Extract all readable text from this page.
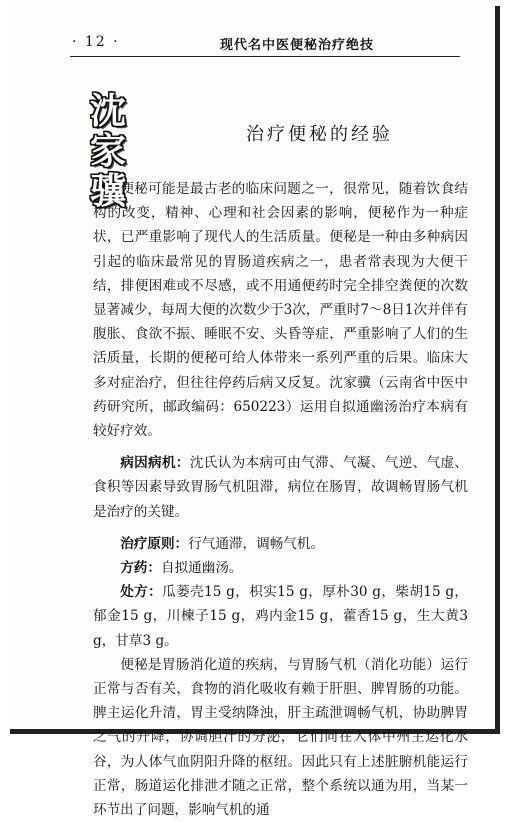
· 12 ·	现代名中医便秘治疗绝技
沈
家
骥
治疗便秘的经验

便秘可能是最古老的临床问题之一，很常见，随着饮食结构的改变，精神、心理和社会因素的影响，便秘作为一种症状，已严重影响了现代人的生活质量。便秘是一种由多种病因引起的临床最常见的胃肠道疾病之一，患者常表现为大便干结，排便困难或不尽感，或不用通便药时完全排空粪便的次数显著减少，每周大便的次数少于3次，严重时7～8日1次并伴有腹胀、食欲不振、睡眠不安、头昏等症，严重影响了人们的生活质量，长期的便秘可给人体带来一系列严重的后果。临床大多对症治疗，但往往停药后病又反复。沈家骥（云南省中医中药研究所，邮政编码：650223）运用自拟通幽汤治疗本病有较好疗效。

病因病机：沈氏认为本病可由气滞、气凝、气逆、气虚、食积等因素导致胃肠气机阻滞，病位在肠胃，故调畅胃肠气机是治疗的关键。

治疗原则：行气通滞，调畅气机。

方药：自拟通幽汤。

处方：瓜蒌壳15 g，枳实15 g，厚朴30 g，柴胡15 g，郁金15 g，川楝子15 g，鸡内金15 g，藿香15 g，生大黄3 g，甘草3 g。

便秘是胃肠消化道的疾病，与胃肠气机（消化功能）运行正常与否有关，食物的消化吸收有赖于肝胆、脾胃肠的功能。脾主运化升清，胃主受纳降浊，肝主疏泄调畅气机，协助脾胃之气的升降，协调胆汁的分泌，它们同在人体中州主运化水谷，为人体气血阴阳升降的枢纽。因此只有上述脏腑机能运行正常，肠道运化排泄才随之正常，整个系统以通为用，当某一环节出了问题，影响气机的通
